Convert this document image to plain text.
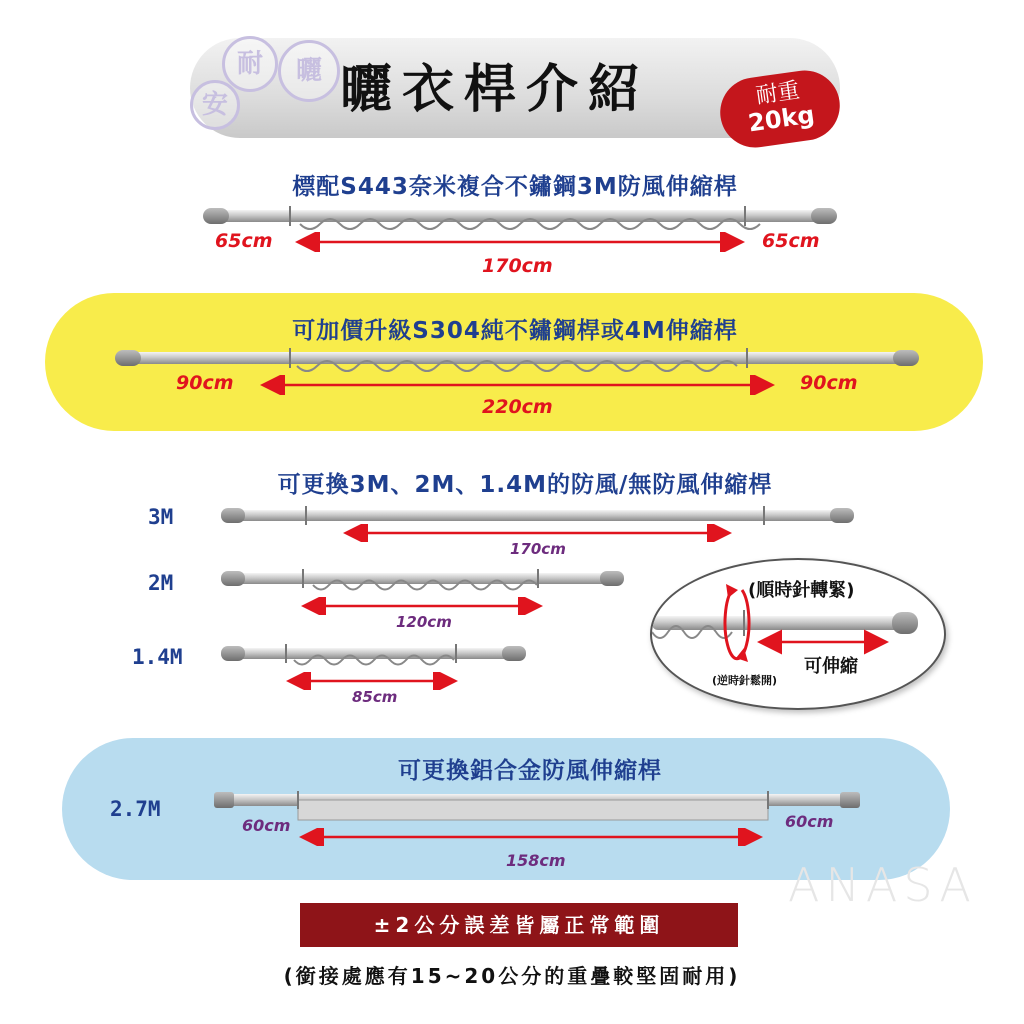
安
耐	曬 曬衣桿介紹	耐重
20kg
標配S443奈米複合不鏽鋼3M防風伸縮桿
65cm	65cm
170cm
可加價升級S304純不鏽鋼桿或4M伸縮桿
90cm	90cm
220cm
可更換3M、2M、1.4M的防風/無防風伸縮桿
3M
170cm
2M
120cm
1.4M
85cm
(順時針轉緊)
可伸縮
(逆時針鬆開)
可更換鋁合金防風伸縮桿
2.7M
60cm	60cm
158cm	ANASA
±2公分誤差皆屬正常範圍
(銜接處應有15~20公分的重疊較堅固耐用)
